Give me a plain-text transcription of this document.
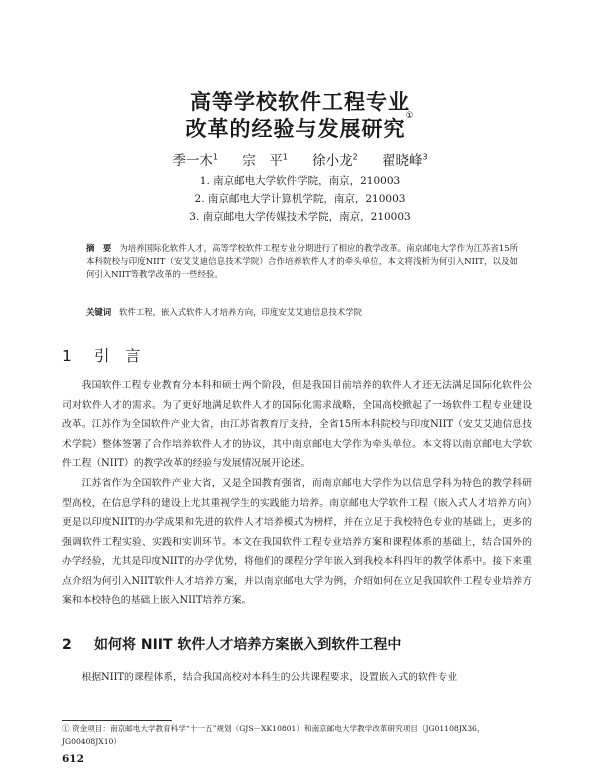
高等学校软件工程专业
改革的经验与发展研究①
季一木$^1$ 宗　平$^1$ 徐小龙$^2$ 翟晓峰$^3$
1. 南京邮电大学软件学院，南京，210003
2. 南京邮电大学计算机学院，南京，210003
3. 南京邮电大学传媒技术学院，南京，210003
摘　要 为培养国际化软件人才，高等学校软件工程专业分期进行了相应的教学改革。南京邮电大学作为江苏省15所本科院校与印度NIIT（安艾艾迪信息技术学院）合作培养软件人才的牵头单位，本文将浅析为何引入NIIT，以及如何引入NIIT等教学改革的一些经验。
关键词 软件工程，嵌入式软件人才培养方向，印度安艾艾迪信息技术学院
1 引　言
我国软件工程专业教育分本科和硕士两个阶段，但是我国目前培养的软件人才还无法满足国际化软件公司对软件人才的需求。为了更好地满足软件人才的国际化需求战略，全国高校掀起了一场软件工程专业建设改革。江苏作为全国软件产业大省，由江苏省教育厅支持，全省15所本科院校与印度NIIT（安艾艾迪信息技术学院）整体签署了合作培养软件人才的协议，其中南京邮电大学作为牵头单位。本文将以南京邮电大学软件工程（NIIT）的教学改革的经验与发展情况展开论述。
江苏省作为全国软件产业大省，又是全国教育强省，而南京邮电大学作为以信息学科为特色的教学科研型高校，在信息学科的建设上尤其重视学生的实践能力培养。南京邮电大学软件工程（嵌入式人才培养方向）更是以印度NIIT的办学成果和先进的软件人才培养模式为榜样，并在立足于我校特色专业的基础上，更多的强调软件工程实验、实践和实训环节。本文在我国软件工程专业培养方案和课程体系的基础上，结合国外的办学经验，尤其是印度NIIT的办学优势，将他们的课程分学年嵌入到我校本科四年的教学体系中。接下来重点介绍为何引入NIIT软件人才培养方案，并以南京邮电大学为例，介绍如何在立足我国软件工程专业培养方案和本校特色的基础上嵌入NIIT培养方案。
2 如何将 NIIT 软件人才培养方案嵌入到软件工程中
根据NIIT的课程体系，结合我国高校对本科生的公共课程要求，设置嵌入式的软件专业
① 资金项目：南京邮电大学教育科学“十一五”规划（GJS－XK10801）和南京邮电大学教学改革研究项目（JG01108JX36，JG00408JX10）
612
